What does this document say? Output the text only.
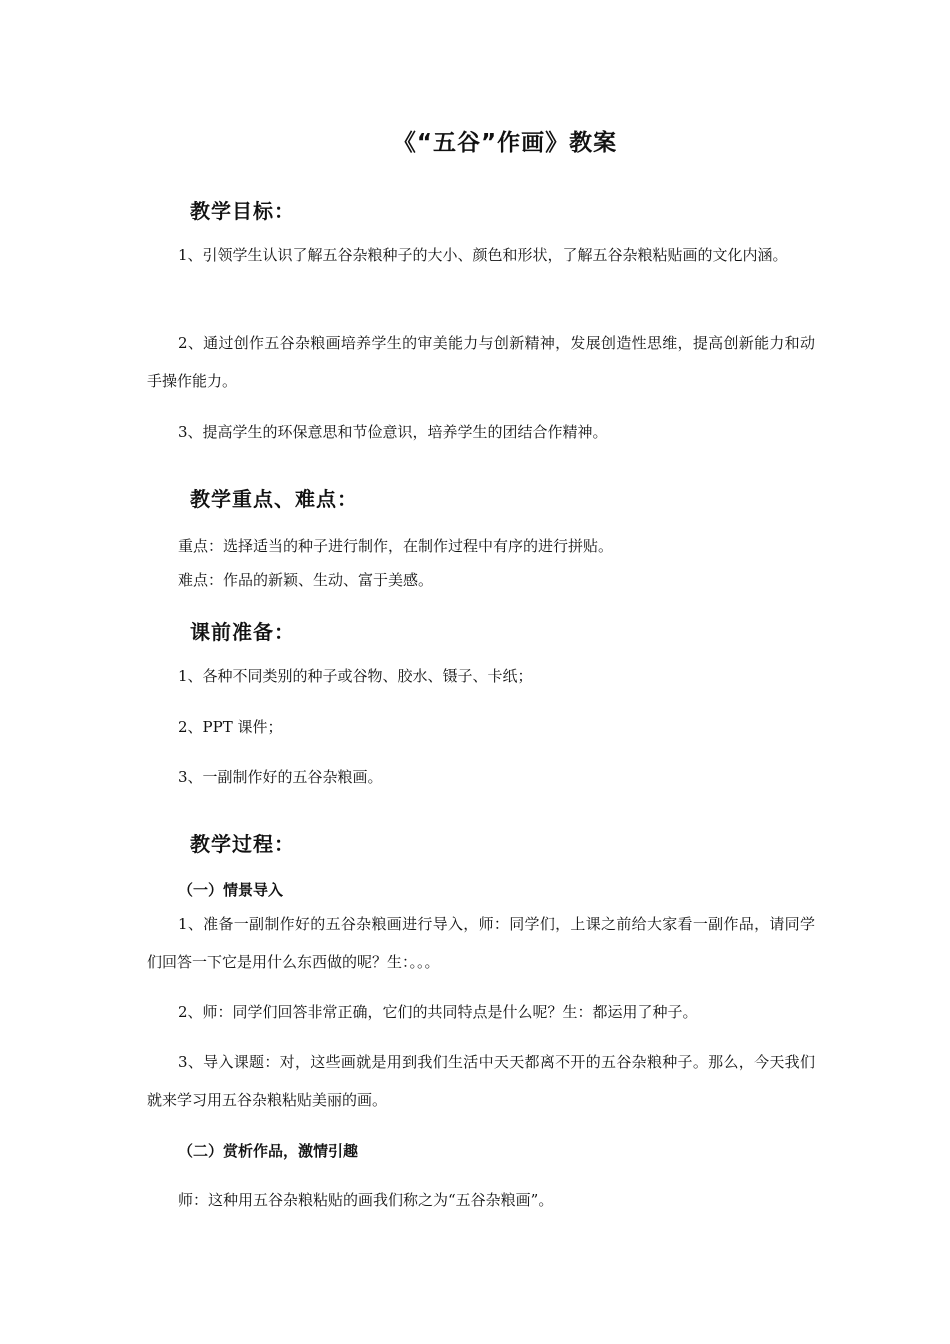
《“五谷”作画》教案
教学目标：
1、引领学生认识了解五谷杂粮种子的大小、颜色和形状，了解五谷杂粮粘贴画的文化内涵。
2、通过创作五谷杂粮画培养学生的审美能力与创新精神，发展创造性思维，提高创新能力和动手操作能力。
3、提高学生的环保意思和节俭意识，培养学生的团结合作精神。
教学重点、难点：
重点：选择适当的种子进行制作，在制作过程中有序的进行拼贴。
难点：作品的新颖、生动、富于美感。
课前准备：
1、各种不同类别的种子或谷物、胶水、镊子、卡纸；
2、PPT 课件；
3、一副制作好的五谷杂粮画。
教学过程：
（一）情景导入
1、准备一副制作好的五谷杂粮画进行导入，师：同学们，上课之前给大家看一副作品，请同学们回答一下它是用什么东西做的呢？生：。。。
2、师：同学们回答非常正确，它们的共同特点是什么呢？生：都运用了种子。
3、导入课题：对，这些画就是用到我们生活中天天都离不开的五谷杂粮种子。那么，今天我们就来学习用五谷杂粮粘贴美丽的画。
（二）赏析作品，激情引趣
师：这种用五谷杂粮粘贴的画我们称之为“五谷杂粮画”。
